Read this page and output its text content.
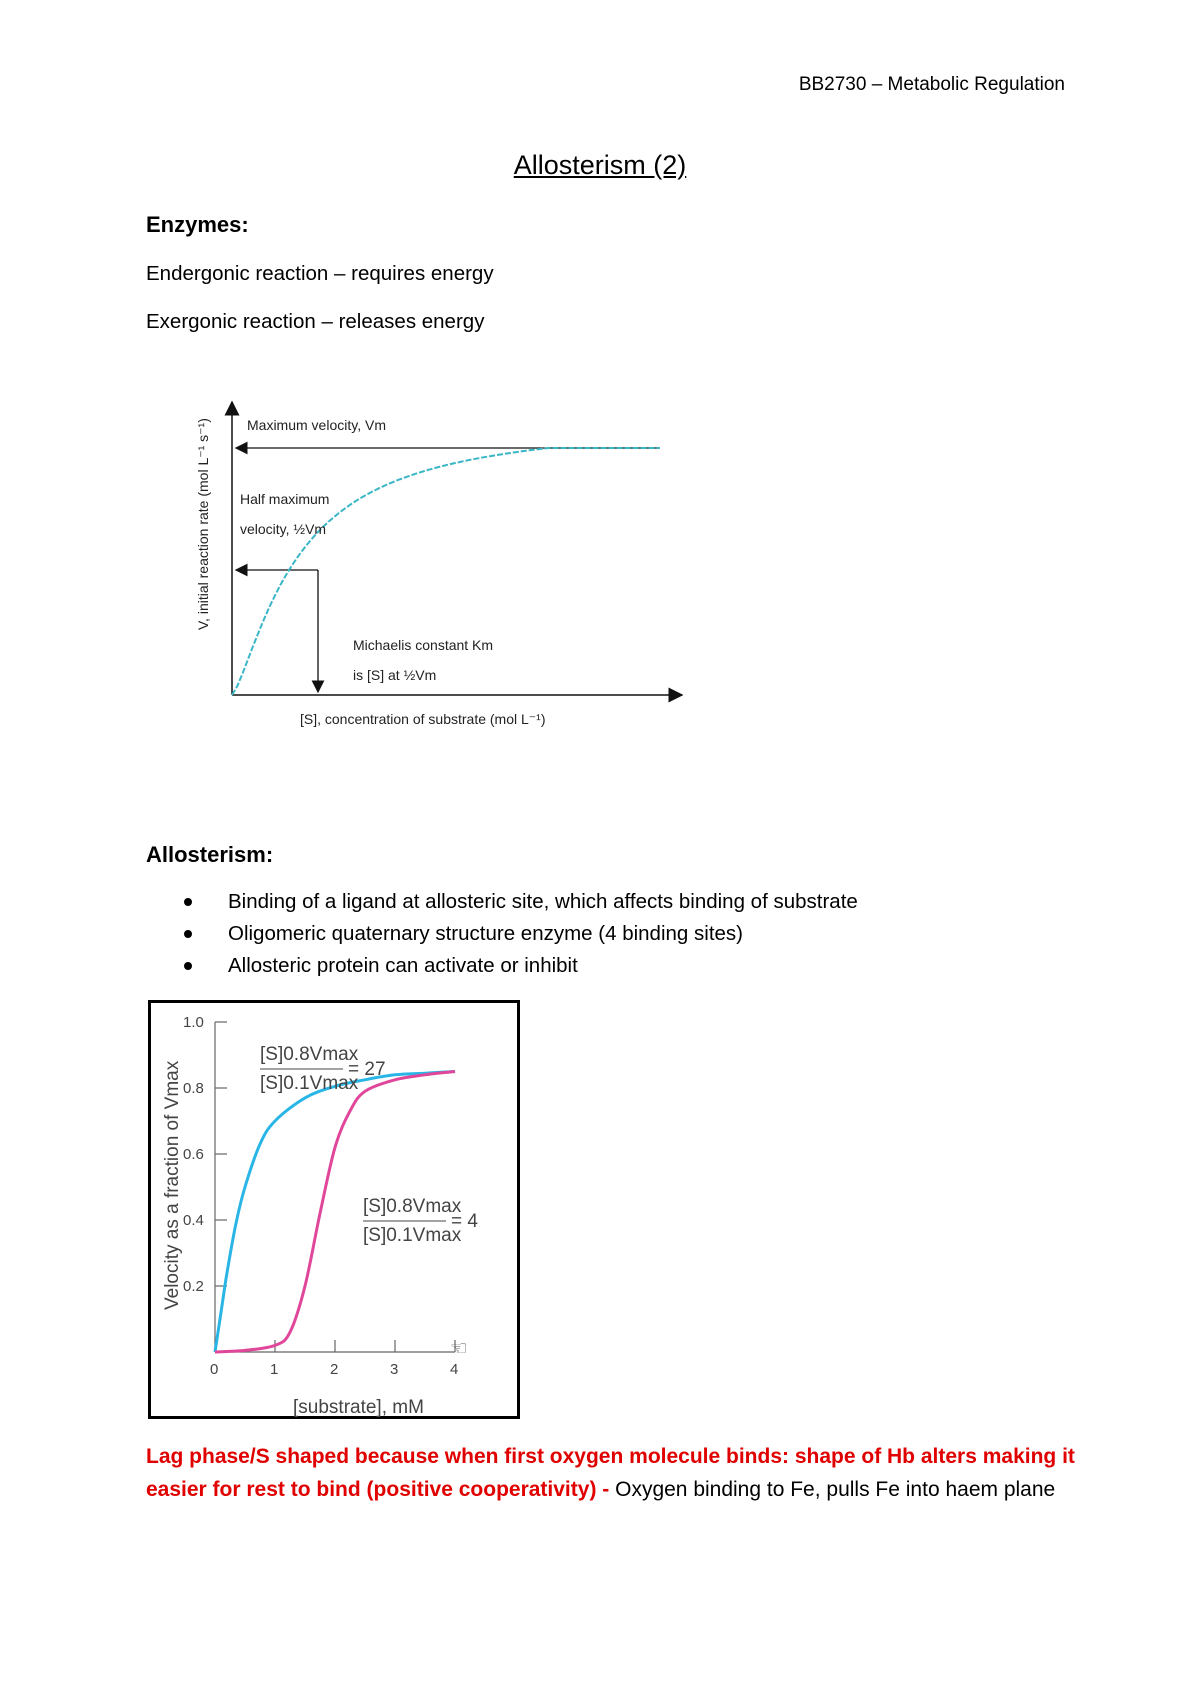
BB2730 – Metabolic Regulation
Allosterism (2)
Enzymes:
Endergonic reaction – requires energy
Exergonic reaction – releases energy
Maximum velocity, Vm
Half maximum
velocity, ½Vm
Michaelis constant Km
is [S] at ½Vm
[S], concentration of substrate (mol L⁻¹)
V, initial reaction rate (mol L⁻¹ s⁻¹)
Allosterism:
Binding of a ligand at allosteric site, which affects binding of substrate
Oligomeric quaternary structure enzyme (4 binding sites)
Allosteric protein can activate or inhibit
0	1	2	3	4
0.2
0.4
0.6
0.8
1.0
[S]0.8Vmax
[S]0.1Vmax
= 27
[S]0.8Vmax
[S]0.1Vmax
= 4
Velocity as a fraction of Vmax
[substrate], mM
☜
Lag phase/S shaped because when first oxygen molecule binds: shape of Hb alters making it easier for rest to bind (positive cooperativity) - Oxygen binding to Fe, pulls Fe into haem plane
